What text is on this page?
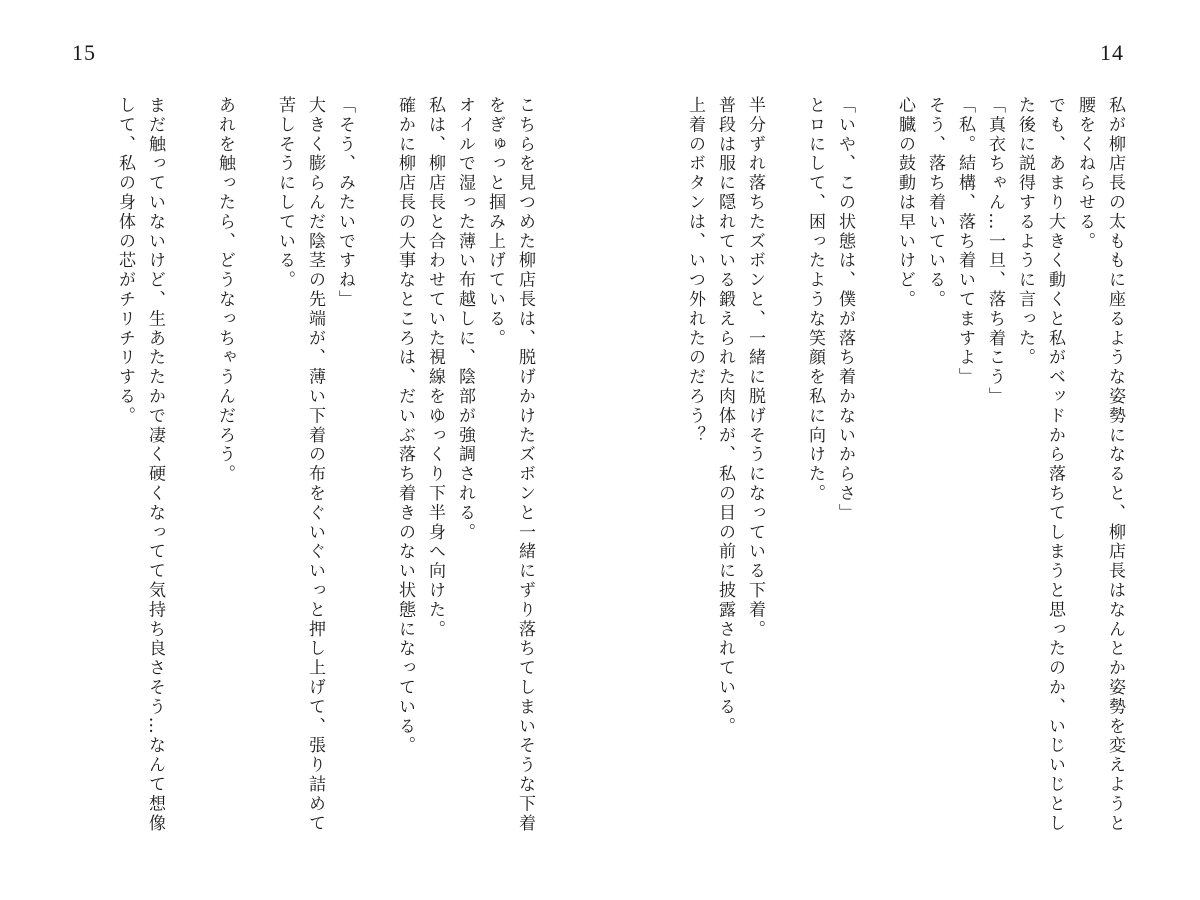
15	14
私が柳店長の太ももに座るような姿勢になると、柳店長はなんとか姿勢を変えようと
腰をくねらせる。
でも、あまり大きく動くと私がベッドから落ちてしまうと思ったのか、いじいじとし
た後に説得するように言った。
「真衣ちゃん…一旦、落ち着こう」
「私。結構、落ち着いてますよ」
そう、落ち着いている。
心臓の鼓動は早いけど。
「いや、この状態は、僕が落ち着かないからさ」
とロにして、困ったような笑顔を私に向けた。
半分ずれ落ちたズボンと、一緒に脱げそうになっている下着。
普段は服に隠れている鍛えられた肉体が、私の目の前に披露されている。
上着のボタンは、いつ外れたのだろう？
こちらを見つめた柳店長は、脱げかけたズボンと一緒にずり落ちてしまいそうな下着
をぎゅっと掴み上げている。
オイルで湿った薄い布越しに、陰部が強調される。
私は、柳店長と合わせていた視線をゆっくり下半身へ向けた。
確かに柳店長の大事なところは、だいぶ落ち着きのない状態になっている。
「そう、みたいですね」
大きく膨らんだ陰茎の先端が、薄い下着の布をぐいぐいっと押し上げて、張り詰めて
苦しそうにしている。
あれを触ったら、どうなっちゃうんだろう。
まだ触っていないけど、生あたたかで凄く硬くなってて気持ち良さそう…なんて想像
して、私の身体の芯がチリチリする。
